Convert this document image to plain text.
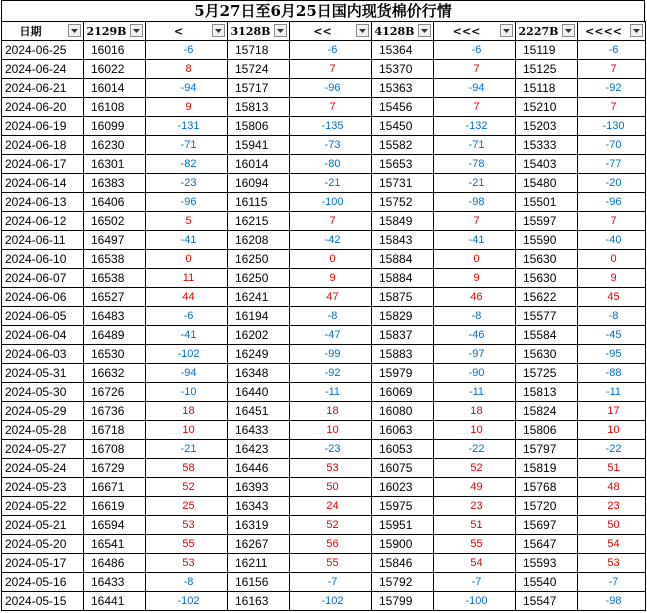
5月27日至6月25日国内现货棉价行情
日期	2129B	<	3128B	<<	4128B	<<<	2227B	<<<<

2024-06-25	16016	-6	15718	-6	15364	-6	15119	-6
2024-06-24	16022	8	15724	7	15370	7	15125	7
2024-06-21	16014	-94	15717	-96	15363	-94	15118	-92
2024-06-20	16108	9	15813	7	15456	7	15210	7
2024-06-19	16099	-131	15806	-135	15450	-132	15203	-130
2024-06-18	16230	-71	15941	-73	15582	-71	15333	-70
2024-06-17	16301	-82	16014	-80	15653	-78	15403	-77
2024-06-14	16383	-23	16094	-21	15731	-21	15480	-20
2024-06-13	16406	-96	16115	-100	15752	-98	15501	-96
2024-06-12	16502	5	16215	7	15849	7	15597	7
2024-06-11	16497	-41	16208	-42	15843	-41	15590	-40
2024-06-10	16538	0	16250	0	15884	0	15630	0
2024-06-07	16538	11	16250	9	15884	9	15630	9
2024-06-06	16527	44	16241	47	15875	46	15622	45
2024-06-05	16483	-6	16194	-8	15829	-8	15577	-8
2024-06-04	16489	-41	16202	-47	15837	-46	15584	-45
2024-06-03	16530	-102	16249	-99	15883	-97	15630	-95
2024-05-31	16632	-94	16348	-92	15979	-90	15725	-88
2024-05-30	16726	-10	16440	-11	16069	-11	15813	-11
2024-05-29	16736	18	16451	18	16080	18	15824	17
2024-05-28	16718	10	16433	10	16063	10	15806	10
2024-05-27	16708	-21	16423	-23	16053	-22	15797	-22
2024-05-24	16729	58	16446	53	16075	52	15819	51
2024-05-23	16671	52	16393	50	16023	49	15768	48
2024-05-22	16619	25	16343	24	15975	23	15720	23
2024-05-21	16594	53	16319	52	15951	51	15697	50
2024-05-20	16541	55	16267	56	15900	55	15647	54
2024-05-17	16486	53	16211	55	15846	54	15593	53
2024-05-16	16433	-8	16156	-7	15792	-7	15540	-7
2024-05-15	16441	-102	16163	-102	15799	-100	15547	-98
